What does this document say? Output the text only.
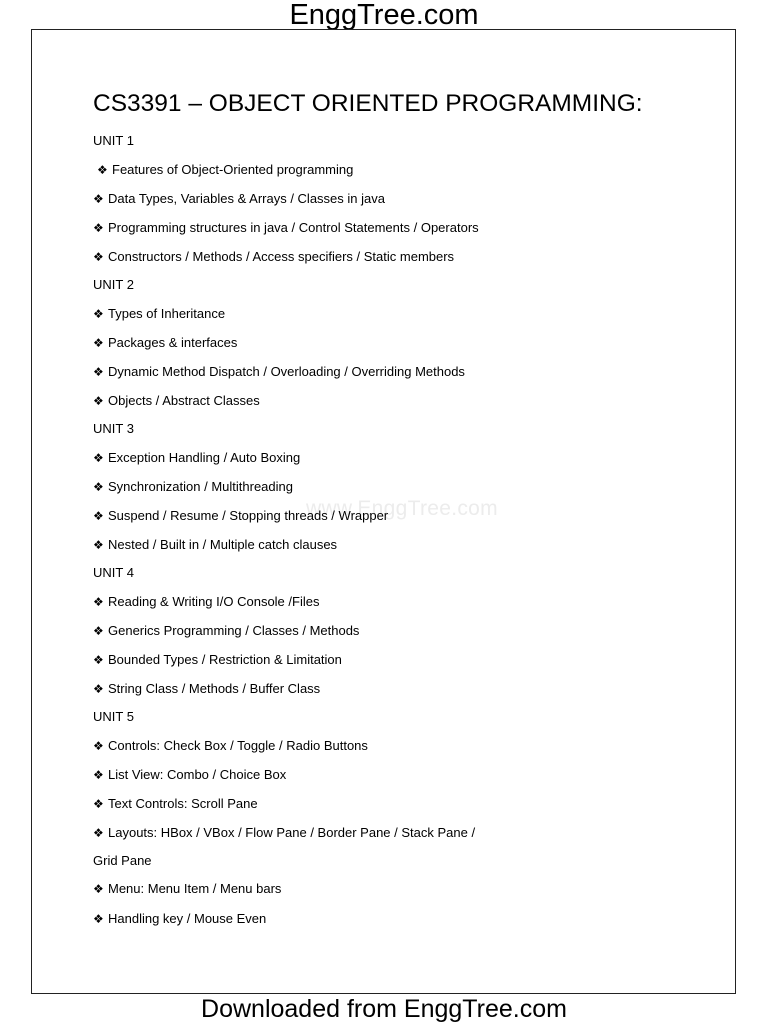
EnggTree.com
www.EnggTree.com
CS3391 – OBJECT ORIENTED PROGRAMMING:
UNIT 1
❖ Features of Object-Oriented programming
❖ Data Types, Variables & Arrays / Classes in java
❖ Programming structures in java / Control Statements / Operators
❖ Constructors / Methods / Access specifiers / Static members
UNIT 2
❖ Types of Inheritance
❖ Packages & interfaces
❖ Dynamic Method Dispatch / Overloading / Overriding Methods
❖ Objects / Abstract Classes
UNIT 3
❖ Exception Handling / Auto Boxing
❖ Synchronization / Multithreading
❖ Suspend / Resume / Stopping threads / Wrapper
❖ Nested / Built in / Multiple catch clauses
UNIT 4
❖ Reading & Writing I/O Console /Files
❖ Generics Programming / Classes / Methods
❖ Bounded Types / Restriction & Limitation
❖ String Class / Methods / Buffer Class
UNIT 5
❖ Controls: Check Box / Toggle / Radio Buttons
❖ List View: Combo / Choice Box
❖ Text Controls: Scroll Pane
❖ Layouts: HBox / VBox / Flow Pane / Border Pane / Stack Pane /
Grid Pane
❖ Menu: Menu Item / Menu bars
❖ Handling key / Mouse Even
Downloaded from EnggTree.com
